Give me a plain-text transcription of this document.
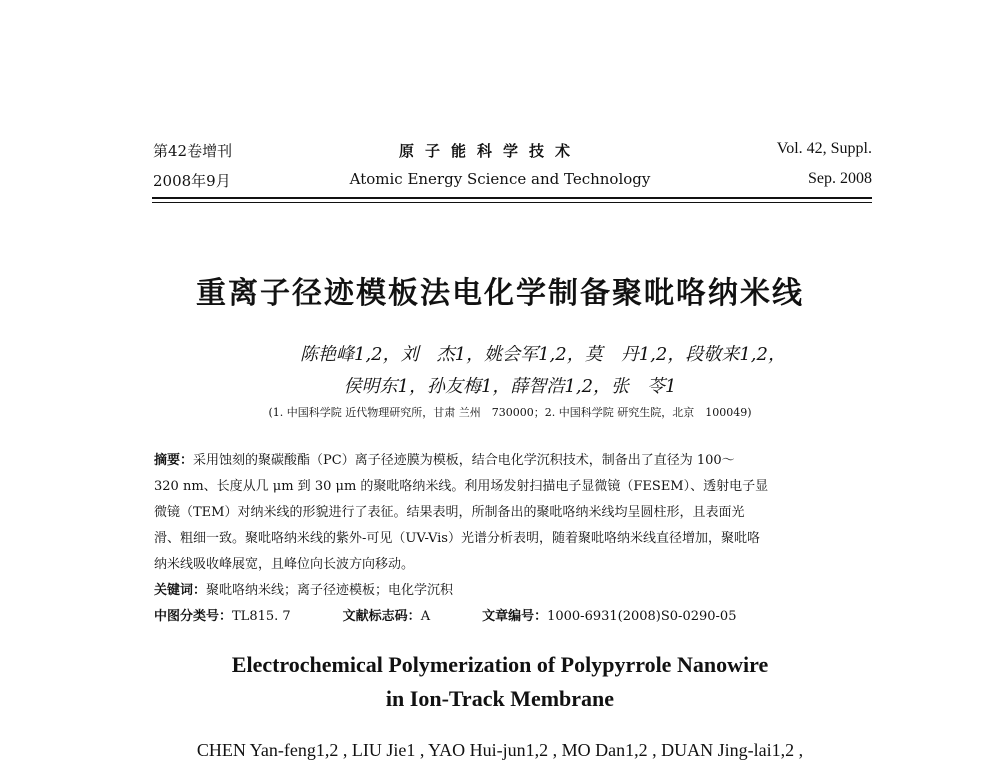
第42卷增刊
2008年9月
原子能科学技术
Atomic Energy Science and Technology
Vol. 42, Suppl.
Sep. 2008
重离子径迹模板法电化学制备聚吡咯纳米线
陈艳峰1,2，刘　杰1，姚会军1,2，莫　丹1,2，段敬来1,2，
侯明东1，孙友梅1，薛智浩1,2，张　苓1
(1. 中国科学院 近代物理研究所，甘肃 兰州　730000；2. 中国科学院 研究生院，北京　100049)
摘要：采用蚀刻的聚碳酸酯（PC）离子径迹膜为模板，结合电化学沉积技术，制备出了直径为 100～
320 nm、长度从几 μm 到 30 μm 的聚吡咯纳米线。利用场发射扫描电子显微镜（FESEM）、透射电子显
微镜（TEM）对纳米线的形貌进行了表征。结果表明，所制备出的聚吡咯纳米线均呈圆柱形，且表面光
滑、粗细一致。聚吡咯纳米线的紫外-可见（UV-Vis）光谱分析表明，随着聚吡咯纳米线直径增加，聚吡咯
纳米线吸收峰展宽，且峰位向长波方向移动。
关键词：聚吡咯纳米线；离子径迹模板；电化学沉积
中图分类号：TL815. 7	文献标志码：A	文章编号：1000-6931(2008)S0-0290-05
Electrochemical Polymerization of Polypyrrole Nanowire
in Ion-Track Membrane
CHEN Yan-feng1,2 , LIU Jie1 , YAO Hui-jun1,2 , MO Dan1,2 , DUAN Jing-lai1,2 ,
